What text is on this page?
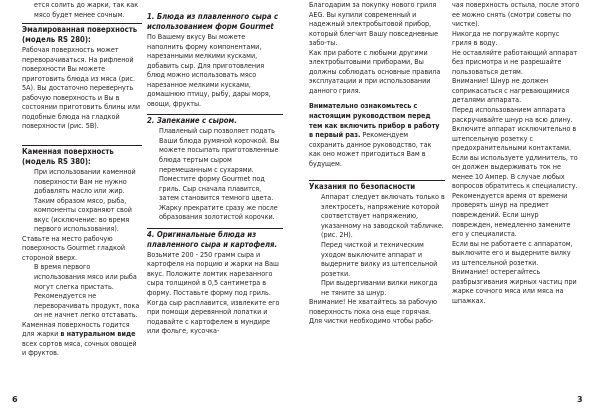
ется солить до жарки, так как мясо будет менее сочным.

Эмалированная поверхность (модель RS 280):

Рабочая поверхность может переворачиваться. На рифленой поверхности Вы можете приготовить блюда из мяса (рис. 5А). Вы достаточно перевернуть рабочую поверхность и Вы в состоянии приготовить блины или подобные блюда на гладкой поверхности (рис. 5В).

Каменная поверхность (модель RS 380):

При использовании каменной поверхности Вам не нужно добавлять масло или жир. Таким образом мясо, рыба, компоненты сохраняют свой вкус (исключение: во время первого использования).

Ставьте на место рабочую поверхность Gourmet гладкой стороной вверх.

В время первого использования мясо или рыба могут слегка пристать. Рекомендуется не переворачивать продукт, пока он не начнет легко отставать.

Каменная поверхность годится для жарки в натуральном виде всех сортов мяса, сочных овощей и фруктов.

1. Блюда из плавленного сыра с использованием форм Gourmet

По Вашему вкусу Вы можете наполнить форму компонентами, нарезанными мелкими кусками, добавить сыр. Для приготовления блюд можно использовать мясо нарезанное мелкими кусками, домашнюю птицу, рыбу, дары моря, овощи, фрукты.

2. Запекание с сыром.

Плавленый сыр позволяет подать Ваши блюда румяной корочкой. Вы можете посыпать приготовленные блюда тертым сыром перемешанным с сухарями. Поместите форму Gourmet под гриль. Сыр сначала плавится, затем становится темного цвета. Жарку прекратите сразу же после образования золотистой корочки.

4. Оригинальные блюда из плавленного сыра и картофеля.

Возьмите 200 - 250 грамм сыра и картофеля на порцию и жарки на Ваш вкус. Положите ломтик нарезанного сыра толщиной в 0,5 сантиметра в форму. Поставьте форму под гриль. Когда сыр расплавится, извлеките его при помощи деревянной лопатки и подавайте с картофелем в мундире или фольге, кусочка-

Благодарим за покупку нового гриля AEG. Вы купили современный и надежный электробытовой прибор, который блегчит Вашу повседневные забо-ты.

Как при работе с любыми другими электробытовыми приборами, Вы должны соблюдать основные правила эксплуатации и при использовании данного гриля.

Внимательно ознакомьтесь с настоящим руководством перед тем как включить прибор в работу в первый раз. Рекомендуем сохранить данное руководство, так как оно может пригодиться Вам в будущем.

Указания по безопасности

Аппарат следует включать только в электросеть, напряжение которой соответствует напряжению, указанному на заводской табличке. (рис. 2Н).

Перед чисткой и техническим уходом выключите аппарат и выдерните вилку из штепсельной розетки.

При выдергивании вилки никогда не тяните за шнур.

Внимание! Не хватайтесь за рабочую поверхность пока она еще горячая. Для чистки необходимо чтобы рабо-

чая поверхность остыла, после этого ее можно снять (смотри советы по чистке).

Никогда не погружайте корпус гриля в воду.

Не оставляйте работающий аппарат без присмотра и не разрешайте пользоваться детям.

Внимание! Шнур не должен соприкасаться с нагревающимися деталями аппарата.

Перед использованием аппарата раскручивайте шнур на всю длину.

Включите аппарат исключительно в штепсельную розетку с предохранительными контактами. Если вы используете удлинитель, то он должен выдерживать ток не менее 10 Ампер. В случае любых вопросов обратитесь к специалисту.

Рекомендуется время от времени проверять шнур на предмет повреждений. Если шнур поврежден, немедленно замените его у специалиста.

Если вы не работаете с аппаратом, выключите его и выдерните вилку из штепсельной розетки.

Внимание! остерегайтесь разбрызгивания жирных частиц при жарке сочного мяса или мяса на шпажках.

6	3
